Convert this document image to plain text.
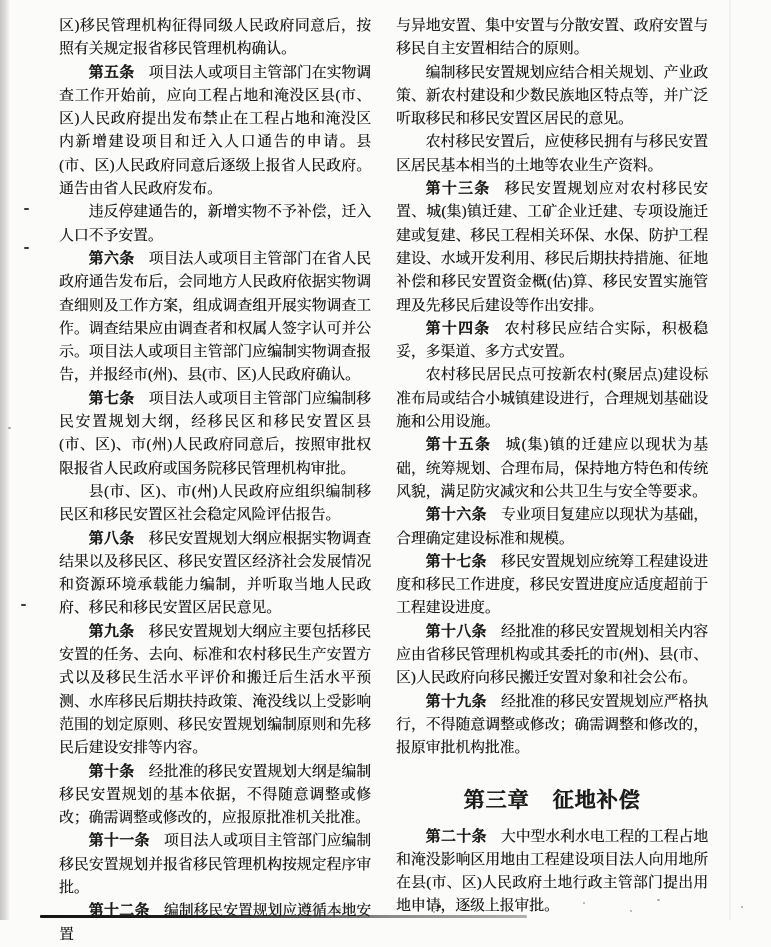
区)移民管理机构征得同级人民政府同意后，按照有关规定报省移民管理机构确认。

第五条 项目法人或项目主管部门在实物调查工作开始前，应向工程占地和淹没区县(市、区)人民政府提出发布禁止在工程占地和淹没区内新增建设项目和迁入人口通告的申请。县(市、区)人民政府同意后逐级上报省人民政府。通告由省人民政府发布。

违反停建通告的，新增实物不予补偿，迁入人口不予安置。

第六条 项目法人或项目主管部门在省人民政府通告发布后，会同地方人民政府依据实物调查细则及工作方案，组成调查组开展实物调查工作。调查结果应由调查者和权属人签字认可并公示。项目法人或项目主管部门应编制实物调查报告，并报经市(州)、县(市、区)人民政府确认。

第七条 项目法人或项目主管部门应编制移民安置规划大纲，经移民区和移民安置区县(市、区)、市(州)人民政府同意后，按照审批权限报省人民政府或国务院移民管理机构审批。

县(市、区)、市(州)人民政府应组织编制移民区和移民安置区社会稳定风险评估报告。

第八条 移民安置规划大纲应根据实物调查结果以及移民区、移民安置区经济社会发展情况和资源环境承载能力编制，并听取当地人民政府、移民和移民安置区居民意见。

第九条 移民安置规划大纲应主要包括移民安置的任务、去向、标准和农村移民生产安置方式以及移民生活水平评价和搬迁后生活水平预测、水库移民后期扶持政策、淹没线以上受影响范围的划定原则、移民安置规划编制原则和先移民后建设安排等内容。

第十条 经批准的移民安置规划大纲是编制移民安置规划的基本依据，不得随意调整或修改；确需调整或修改的，应报原批准机关批准。

第十一条 项目法人或项目主管部门应编制移民安置规划并报省移民管理机构按规定程序审批。

第十二条 编制移民安置规划应遵循本地安置

与异地安置、集中安置与分散安置、政府安置与移民自主安置相结合的原则。

编制移民安置规划应结合相关规划、产业政策、新农村建设和少数民族地区特点等，并广泛听取移民和移民安置区居民的意见。

农村移民安置后，应使移民拥有与移民安置区居民基本相当的土地等农业生产资料。

第十三条 移民安置规划应对农村移民安置、城(集)镇迁建、工矿企业迁建、专项设施迁建或复建、移民工程相关环保、水保、防护工程建设、水域开发利用、移民后期扶持措施、征地补偿和移民安置资金概(估)算、移民安置实施管理及先移民后建设等作出安排。

第十四条 农村移民应结合实际，积极稳妥，多渠道、多方式安置。

农村移民居民点可按新农村(聚居点)建设标准布局或结合小城镇建设进行，合理规划基础设施和公用设施。

第十五条 城(集)镇的迁建应以现状为基础，统筹规划、合理布局，保持地方特色和传统风貌，满足防灾减灾和公共卫生与安全等要求。

第十六条 专业项目复建应以现状为基础，合理确定建设标准和规模。

第十七条 移民安置规划应统筹工程建设进度和移民工作进度，移民安置进度应适度超前于工程建设进度。

第十八条 经批准的移民安置规划相关内容应由省移民管理机构或其委托的市(州)、县(市、区)人民政府向移民搬迁安置对象和社会公布。

第十九条 经批准的移民安置规划应严格执行，不得随意调整或修改；确需调整和修改的，报原审批机构批准。

第三章 征地补偿

第二十条 大中型水利水电工程的工程占地和淹没影响区用地由工程建设项目法人向用地所在县(市、区)人民政府土地行政主管部门提出用地申请，逐级上报审批。
